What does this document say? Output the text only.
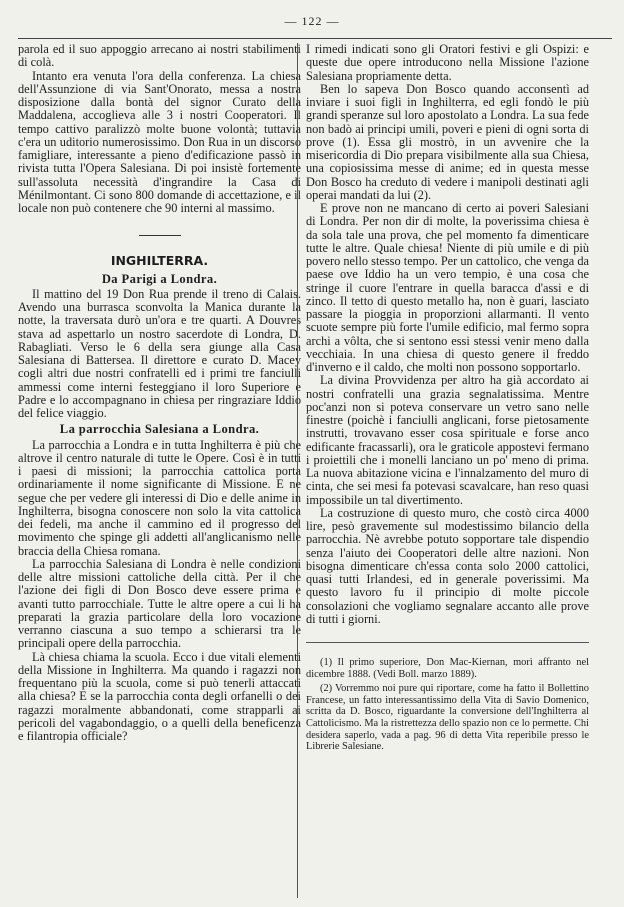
— 122 —

parola ed il suo appoggio arrecano ai nostri stabilimenti di colà.

Intanto era venuta l'ora della conferenza. La chiesa dell'Assunzione di via Sant'Onorato, messa a nostra disposizione dalla bontà del signor Curato della Maddalena, accoglieva alle 3 i nostri Cooperatori. Il tempo cattivo paralizzò molte buone volontà; tuttavia c'era un uditorio numerosissimo. Don Rua in un discorso famigliare, interessante a pieno d'edificazione passò in rivista tutta l'Opera Salesiana. Di poi insistè fortemente sull'assoluta necessità d'ingrandire la Casa di Ménilmontant. Ci sono 800 domande di accettazione, e il locale non può contenere che 90 interni al massimo.

INGHILTERRA.
Da Parigi a Londra.

Il mattino del 19 Don Rua prende il treno di Calais. Avendo una burrasca sconvolta la Manica durante la notte, la traversata durò un'ora e tre quarti. A Douvres stava ad aspettarlo un nostro sacerdote di Londra, D. Rabagliati. Verso le 6 della sera giunge alla Casa Salesiana di Battersea. Il direttore e curato D. Macey cogli altri due nostri confratelli ed i primi tre fanciulli ammessi come interni festeggiano il loro Superiore e Padre e lo accompagnano in chiesa per ringraziare Iddio del felice viaggio.

La parrocchia Salesiana a Londra.

La parrocchia a Londra e in tutta Inghilterra è più che altrove il centro naturale di tutte le Opere. Così è in tutti i paesi di missioni; la parrocchia cattolica porta ordinariamente il nome significante di Missione. E ne segue che per vedere gli interessi di Dio e delle anime in Inghilterra, bisogna conoscere non solo la vita cattolica dei fedeli, ma anche il cammino ed il progresso del movimento che spinge gli addetti all'anglicanismo nelle braccia della Chiesa romana.

La parrocchia Salesiana di Londra è nelle condizioni delle altre missioni cattoliche della città. Per il che l'azione dei figli di Don Bosco deve essere prima e avanti tutto parrocchiale. Tutte le altre opere a cui li ha preparati la grazia particolare della loro vocazione verranno ciascuna a suo tempo a schierarsi tra le principali opere della parrocchia.

Là chiesa chiama la scuola. Ecco i due vitali elementi della Missione in Inghilterra. Ma quando i ragazzi non frequentano più la scuola, come si può tenerli attaccati alla chiesa? E se la parrocchia conta degli orfanelli o dei ragazzi moralmente abbandonati, come strapparli ai pericoli del vagabondaggio, o a quelli della beneficenza e filantropia officiale?

I rimedi indicati sono gli Oratori festivi e gli Ospizi: e queste due opere introducono nella Missione l'azione Salesiana propriamente detta.

Ben lo sapeva Don Bosco quando acconsentì ad inviare i suoi figli in Inghilterra, ed egli fondò le più grandi speranze sul loro apostolato a Londra. La sua fede non badò ai principi umili, poveri e pieni di ogni sorta di prove (1). Essa gli mostrò, in un avvenire che la misericordia di Dio prepara visibilmente alla sua Chiesa, una copiosissima messe di anime; ed in questa messe Don Bosco ha creduto di vedere i manipoli destinati agli operai mandati da lui (2).

E prove non ne mancano di certo ai poveri Salesiani di Londra. Per non dir di molte, la poverissima chiesa è da sola tale una prova, che pel momento fa dimenticare tutte le altre. Quale chiesa! Niente di più umile e di più povero nello stesso tempo. Per un cattolico, che venga da paese ove Iddio ha un vero tempio, è una cosa che stringe il cuore l'entrare in quella baracca d'assi e di zinco. Il tetto di questo metallo ha, non è guari, lasciato passare la pioggia in proporzioni allarmanti. Il vento scuote sempre più forte l'umile edificio, mal fermo sopra archi a vôlta, che si sentono essi stessi venir meno dalla vecchiaia. In una chiesa di questo genere il freddo d'inverno e il caldo, che molti non possono sopportarlo.

La divina Provvidenza per altro ha già accordato ai nostri confratelli una grazia segnalatissima. Mentre poc'anzi non si poteva conservare un vetro sano nelle finestre (poichè i fanciulli anglicani, forse pietosamente instrutti, trovavano esser cosa spirituale e forse anco edificante fracassarli), ora le graticole appostevi fermano i proiettili che i monelli lanciano un po' meno di prima. La nuova abitazione vicina e l'innalzamento del muro di cinta, che sei mesi fa potevasi scavalcare, han reso quasi impossibile un tal divertimento.

La costruzione di questo muro, che costò circa 4000 lire, pesò gravemente sul modestissimo bilancio della parrocchia. Nè avrebbe potuto sopportare tale dispendio senza l'aiuto dei Cooperatori delle altre nazioni. Non bisogna dimenticare ch'essa conta solo 2000 cattolici, quasi tutti Irlandesi, ed in generale poverissimi. Ma questo lavoro fu il principio di molte piccole consolazioni che vogliamo segnalare accanto alle prove di tutti i giorni.

(1) Il primo superiore, Don Mac-Kiernan, morì affranto nel dicembre 1888. (Vedi Boll. marzo 1889).

(2) Vorremmo noi pure qui riportare, come ha fatto il Bollettino Francese, un fatto interessantissimo della Vita di Savio Domenico, scritta da D. Bosco, riguardante la conversione dell'Inghilterra al Cattolicismo. Ma la ristrettezza dello spazio non ce lo permette. Chi desidera saperlo, vada a pag. 96 di detta Vita reperibile presso le Librerie Salesiane.
